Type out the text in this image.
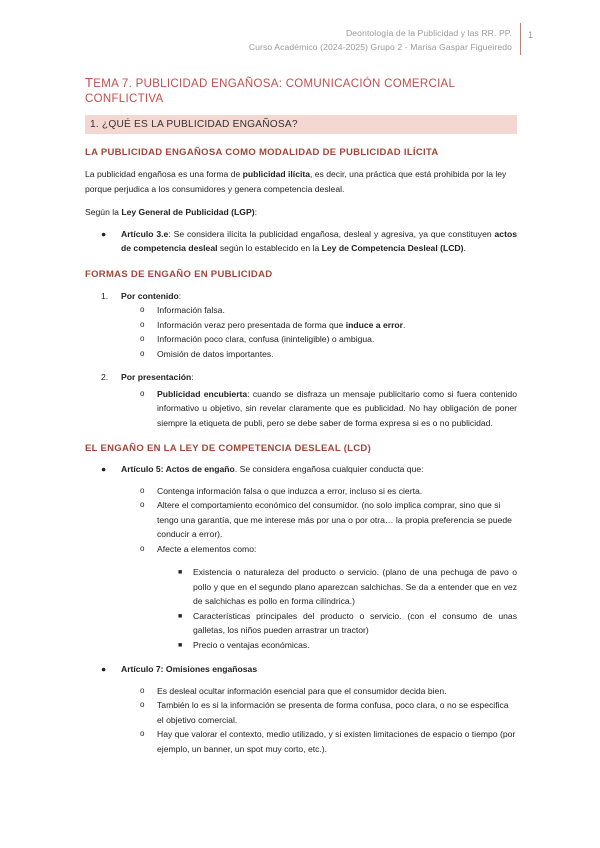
Deontología de la Publicidad y las RR. PP.
Curso Académico (2024-2025) Grupo 2 - Marisa Gaspar Figueiredo
1

TEMA 7. PUBLICIDAD ENGAÑOSA: COMUNICACIÓN COMERCIAL CONFLICTIVA

1. ¿QUÉ ES LA PUBLICIDAD ENGAÑOSA?
LA PUBLICIDAD ENGAÑOSA COMO MODALIDAD DE PUBLICIDAD ILÍCITA

La publicidad engañosa es una forma de publicidad ilícita, es decir, una práctica que está prohibida por la ley porque perjudica a los consumidores y genera competencia desleal.

Según la Ley General de Publicidad (LGP):

● Artículo 3.e: Se considera ilícita la publicidad engañosa, desleal y agresiva, ya que constituyen actos de competencia desleal según lo establecido en la Ley de Competencia Desleal (LCD).
FORMAS DE ENGAÑO EN PUBLICIDAD
1. Por contenido:
o Información falsa.
o Información veraz pero presentada de forma que induce a error.
o Información poco clara, confusa (ininteligible) o ambigua.
o Omisión de datos importantes.
2. Por presentación:
o Publicidad encubierta: cuando se disfraza un mensaje publicitario como si fuera contenido informativo u objetivo, sin revelar claramente que es publicidad. No hay obligación de poner siempre la etiqueta de publi, pero se debe saber de forma expresa si es o no publicidad.
EL ENGAÑO EN LA LEY DE COMPETENCIA DESLEAL (LCD)
● Artículo 5: Actos de engaño. Se considera engañosa cualquier conducta que:
o Contenga información falsa o que induzca a error, incluso si es cierta.
o Altere el comportamiento económico del consumidor. (no solo implica comprar, sino que si tengo una garantía, que me interese más por una o por otra… la propia preferencia se puede conducir a error).
o Afecte a elementos como:
■ Existencia o naturaleza del producto o servicio. (plano de una pechuga de pavo o pollo y que en el segundo plano aparezcan salchichas. Se da a entender que en vez de salchichas es pollo en forma cilíndrica.)
■ Características principales del producto o servicio. (con el consumo de unas galletas, los niños pueden arrastrar un tractor)
■ Precio o ventajas económicas.
● Artículo 7: Omisiones engañosas
o Es desleal ocultar información esencial para que el consumidor decida bien.
o También lo es si la información se presenta de forma confusa, poco clara, o no se especifica el objetivo comercial.
o Hay que valorar el contexto, medio utilizado, y si existen limitaciones de espacio o tiempo (por ejemplo, un banner, un spot muy corto, etc.).
